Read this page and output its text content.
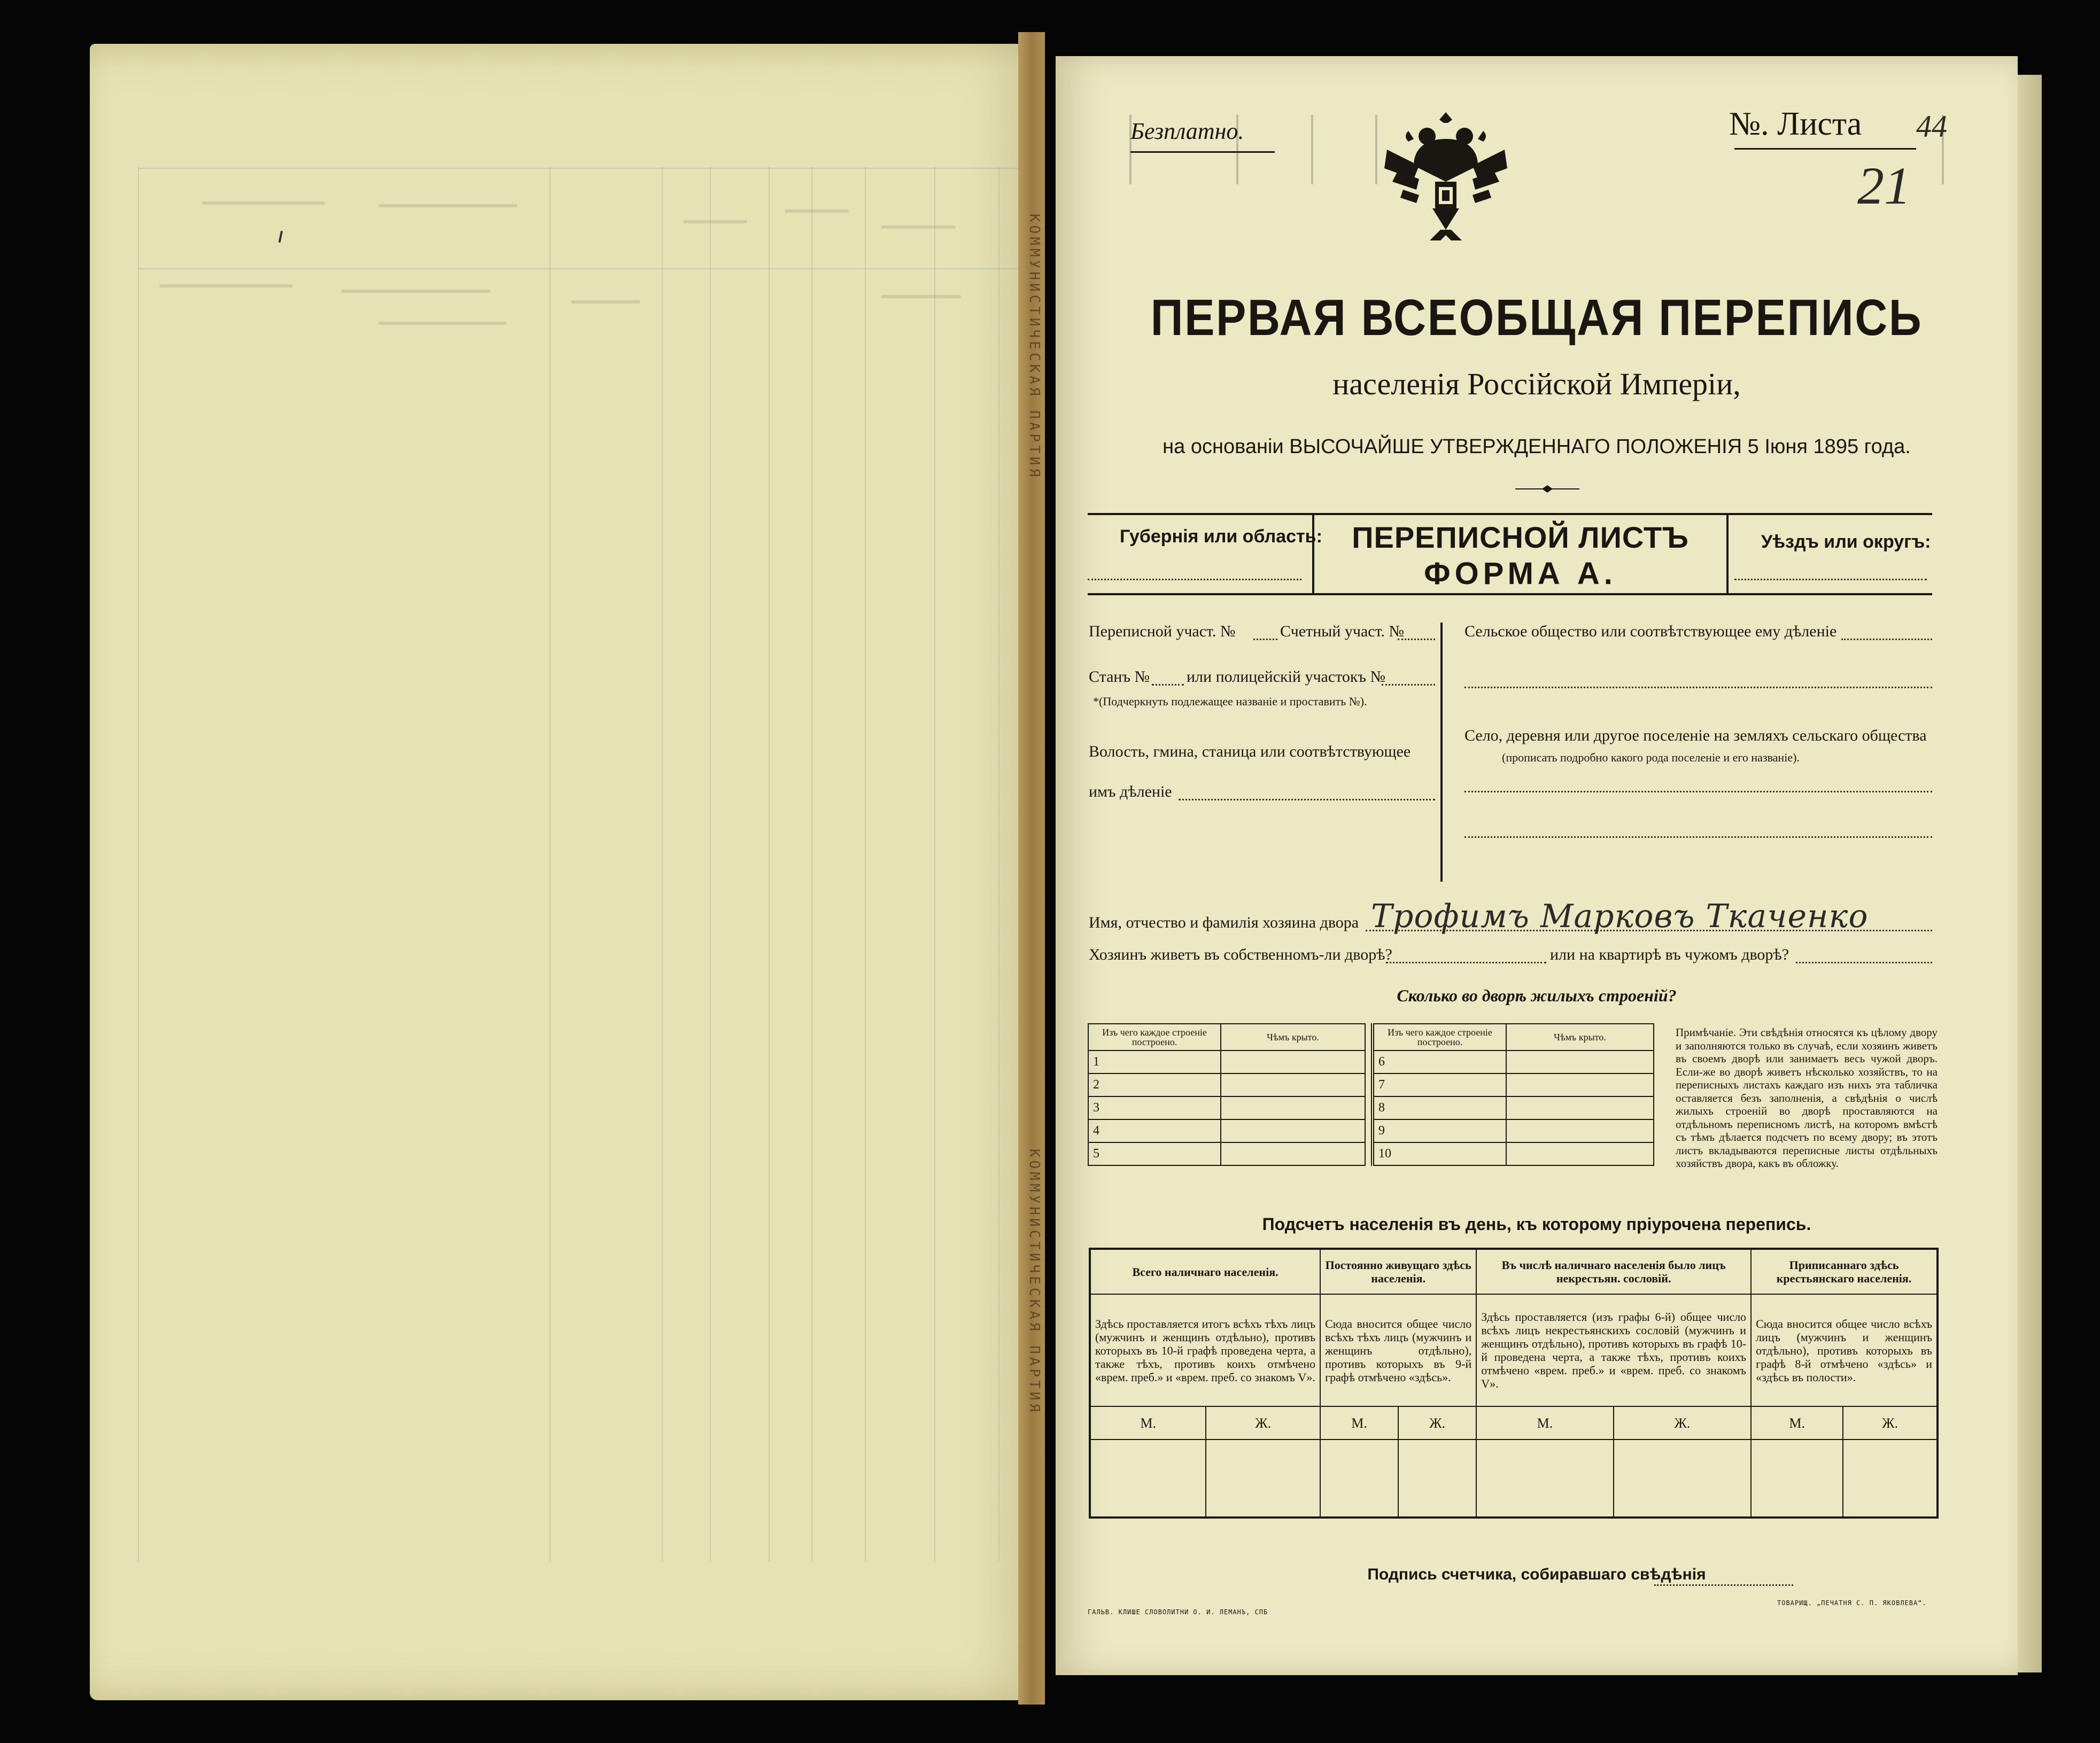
КОММУНИСТИЧЕСКАЯ ПАРТИЯ
КОММУНИСТИЧЕСКАЯ ПАРТИЯ
Безплатно.	№. Листа 44
21
ПЕРВАЯ ВСЕОБЩАЯ ПЕРЕПИСЬ
населенія Россійской Имперіи,
на основаніи ВЫСОЧАЙШЕ УТВЕРЖДЕННАГО ПОЛОЖЕНІЯ 5 Іюня 1895 года.
Губернія или область: ПЕРЕПИСНОЙ ЛИСТЪ
ФОРМА А.
Уѣздъ или округъ:
Переписной участ. №	Счетный участ. №
Станъ № или полицейскій участокъ №
*(Подчеркнуть подлежащее названіе и проставить №).
Волость, гмина, станица или соотвѣтствующее
имъ дѣленіе
Сельское общество или соотвѣтствующее ему дѣленіе
Село, деревня или другое поселеніе на земляхъ сельскаго общества
(прописать подробно какого рода поселеніе и его названіе).
Имя, отчество и фамилія хозяина двора Трофимъ Марковъ Ткаченко
Хозяинъ живетъ въ собственномъ-ли дворѣ?	или на квартирѣ въ чужомъ дворѣ?
Сколько во дворѣ жилыхъ строеній?
Изъ чего каждое строеніе построено.	Чѣмъ крыто.
1	
2	
3	
4	
5	
Изъ чего каждое строеніе построено.	Чѣмъ крыто.
6	
7	
8	
9	
10	
Примѣчаніе. Эти свѣдѣнія относятся къ цѣлому двору и заполняются только въ случаѣ, если хозяинъ живетъ въ своемъ дворѣ или занимаетъ весь чужой дворъ. Если-же во дворѣ живетъ нѣсколько хозяйствъ, то на переписныхъ листахъ каждаго изъ нихъ эта табличка оставляется безъ заполненія, а свѣдѣнія о числѣ жилыхъ строеній во дворѣ проставляются на отдѣльномъ переписномъ листѣ, на которомъ вмѣстѣ съ тѣмъ дѣлается подсчетъ по всему двору; въ этотъ листъ вкладываются переписные листы отдѣльныхъ хозяйствъ двора, какъ въ обложку.
Подсчетъ населенія въ день, къ которому пріурочена перепись.
Всего наличнаго населенія.		Постоянно живущаго здѣсь населенія.		Въ числѣ наличнаго населенія было лицъ некрестьян. сословій.		Приписаннаго здѣсь крестьянскаго населенія.	
Здѣсь проставляется итогъ всѣхъ тѣхъ лицъ (мужчинъ и женщинъ отдѣльно), противъ которыхъ въ 10-й графѣ проведена черта, а также тѣхъ, противъ коихъ отмѣчено «врем. преб.» и «врем. преб. со знакомъ V».		Сюда вносится общее число всѣхъ тѣхъ лицъ (мужчинъ и женщинъ отдѣльно), противъ которыхъ въ 9-й графѣ отмѣчено «здѣсь».		Здѣсь проставляется (изъ графы 6-й) общее число всѣхъ лицъ некрестьянскихъ сословій (мужчинъ и женщинъ отдѣльно), противъ которыхъ въ графѣ 10-й проведена черта, а также тѣхъ, противъ коихъ отмѣчено «врем. преб.» и «врем. преб. со знакомъ V».		Сюда вносится общее число всѣхъ лицъ (мужчинъ и женщинъ отдѣльно), противъ которыхъ въ графѣ 8-й отмѣчено «здѣсь» и «здѣсь въ полости».	
М.	Ж.	М.	Ж.	М.	Ж.	М.	Ж.

Подпись счетчика, собиравшаго свѣдѣнія
ГАЛЬВ. КЛИШЕ СЛОВОЛИТНИ О. И. ЛЕМАНЪ, СПБ
ТОВАРИЩ. „ПЕЧАТНЯ С. П. ЯКОВЛЕВА“.
